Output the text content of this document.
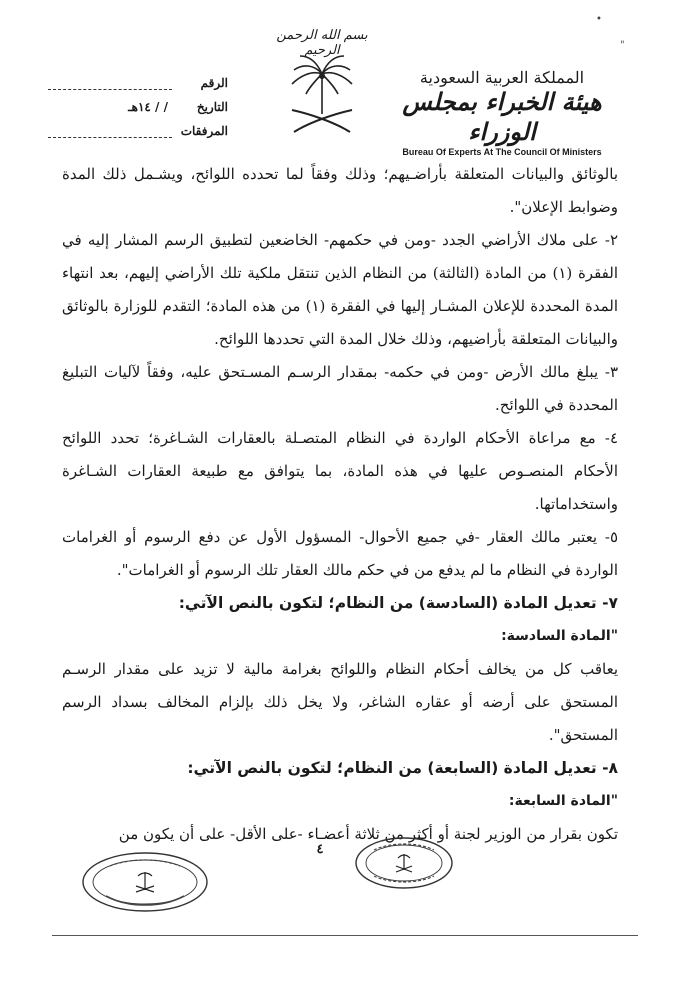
بسم الله الرحمن الرحيم
المملكة العربية السعودية
هيئة الخبراء بمجلس الوزراء
Bureau Of Experts At The Council Of Ministers
الرقم
التاريخ
/ / ١٤هـ
المرفقات
•
"

بالوثائق والبيانات المتعلقة بأراضـيهم؛ وذلك وفقاً لما تحدده اللوائح، ويشـمل ذلك المدة وضوابط الإعلان".

٢- على ملاك الأراضي الجدد -ومن في حكمهم- الخاضعين لتطبيق الرسم المشار إليه في الفقرة (١) من المادة (الثالثة) من النظام الذين تنتقل ملكية تلك الأراضي إليهم، بعد انتهاء المدة المحددة للإعلان المشـار إليها في الفقرة (١) من هذه المادة؛ التقدم للوزارة بالوثائق والبيانات المتعلقة بأراضيهم، وذلك خلال المدة التي تحددها اللوائح.

٣- يبلغ مالك الأرض -ومن في حكمه- بمقدار الرسـم المسـتحق عليه، وفقاً لآليات التبليغ المحددة في اللوائح.

٤- مع مراعاة الأحكام الواردة في النظام المتصـلة بالعقارات الشـاغرة؛ تحدد اللوائح الأحكام المنصـوص عليها في هذه المادة، بما يتوافق مع طبيعة العقارات الشـاغرة واستخداماتها.

٥- يعتبر مالك العقار -في جميع الأحوال- المسؤول الأول عن دفع الرسوم أو الغرامات الواردة في النظام ما لم يدفع من في حكم مالك العقار تلك الرسوم أو الغرامات".

٧- تعديل المادة (السادسة) من النظام؛ لتكون بالنص الآتي:

"المادة السادسة:

يعاقب كل من يخالف أحكام النظام واللوائح بغرامة مالية لا تزيد على مقدار الرسـم المستحق على أرضه أو عقاره الشاغر، ولا يخل ذلك بإلزام المخالف بسداد الرسم المستحق".

٨- تعديل المادة (السابعة) من النظام؛ لتكون بالنص الآتي:

"المادة السابعة:

تكون بقرار من الوزير لجنة أو أكثر من ثلاثة أعضـاء -على الأقل- على أن يكون من

٤
